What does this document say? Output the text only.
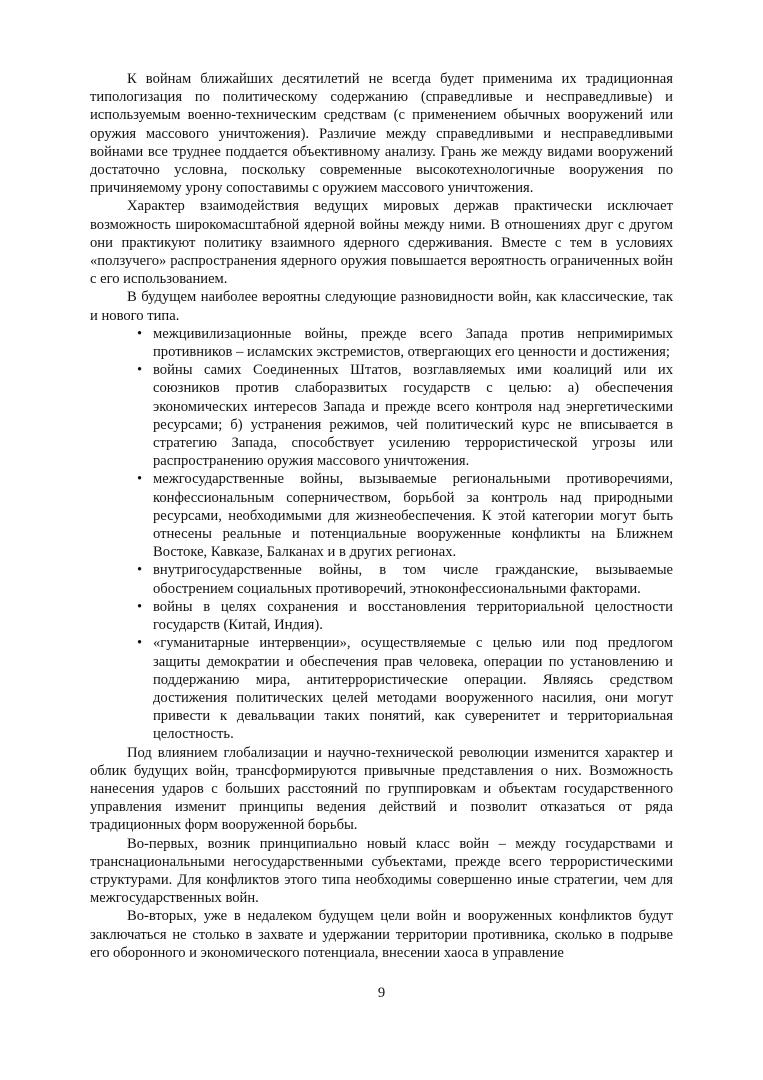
К войнам ближайших десятилетий не всегда будет применима их традиционная типологизация по политическому содержанию (справедливые и несправедливые) и используемым военно-техническим средствам (с применением обычных вооружений или оружия массового уничтожения). Различие между справедливыми и несправедливыми войнами все труднее поддается объективному анализу. Грань же между видами вооружений достаточно условна, поскольку современные высокотехнологичные вооружения по причиняемому урону сопоставимы с оружием массового уничтожения.

Характер взаимодействия ведущих мировых держав практически исключает возможность широкомасштабной ядерной войны между ними. В отношениях друг с другом они практикуют политику взаимного ядерного сдерживания. Вместе с тем в условиях «ползучего» распространения ядерного оружия повышается вероятность ограниченных войн с его использованием.

В будущем наиболее вероятны следующие разновидности войн, как классические, так и нового типа.

• межцивилизационные войны, прежде всего Запада против непримиримых противников – исламских экстремистов, отвергающих его ценности и достижения;
• войны самих Соединенных Штатов, возглавляемых ими коалиций или их союзников против слаборазвитых государств с целью: а) обеспечения экономических интересов Запада и прежде всего контроля над энергетическими ресурсами; б) устранения режимов, чей политический курс не вписывается в стратегию Запада, способствует усилению террористической угрозы или распространению оружия массового уничтожения.
• межгосударственные войны, вызываемые региональными противоречиями, конфессиональным соперничеством, борьбой за контроль над природными ресурсами, необходимыми для жизнеобеспечения. К этой категории могут быть отнесены реальные и потенциальные вооруженные конфликты на Ближнем Востоке, Кавказе, Балканах и в других регионах.
• внутригосударственные войны, в том числе гражданские, вызываемые обострением социальных противоречий, этноконфессиональными факторами.
• войны в целях сохранения и восстановления территориальной целостности государств (Китай, Индия).
• «гуманитарные интервенции», осуществляемые с целью или под предлогом защиты демократии и обеспечения прав человека, операции по установлению и поддержанию мира, антитеррористические операции. Являясь средством достижения политических целей методами вооруженного насилия, они могут привести к девальвации таких понятий, как суверенитет и территориальная целостность.

Под влиянием глобализации и научно-технической революции изменится характер и облик будущих войн, трансформируются привычные представления о них. Возможность нанесения ударов с больших расстояний по группировкам и объектам государственного управления изменит принципы ведения действий и позволит отказаться от ряда традиционных форм вооруженной борьбы.

Во-первых, возник принципиально новый класс войн – между государствами и транснациональными негосударственными субъектами, прежде всего террористическими структурами. Для конфликтов этого типа необходимы совершенно иные стратегии, чем для межгосударственных войн.

Во-вторых, уже в недалеком будущем цели войн и вооруженных конфликтов будут заключаться не столько в захвате и удержании территории противника, сколько в подрыве его оборонного и экономического потенциала, внесении хаоса в управление

9
